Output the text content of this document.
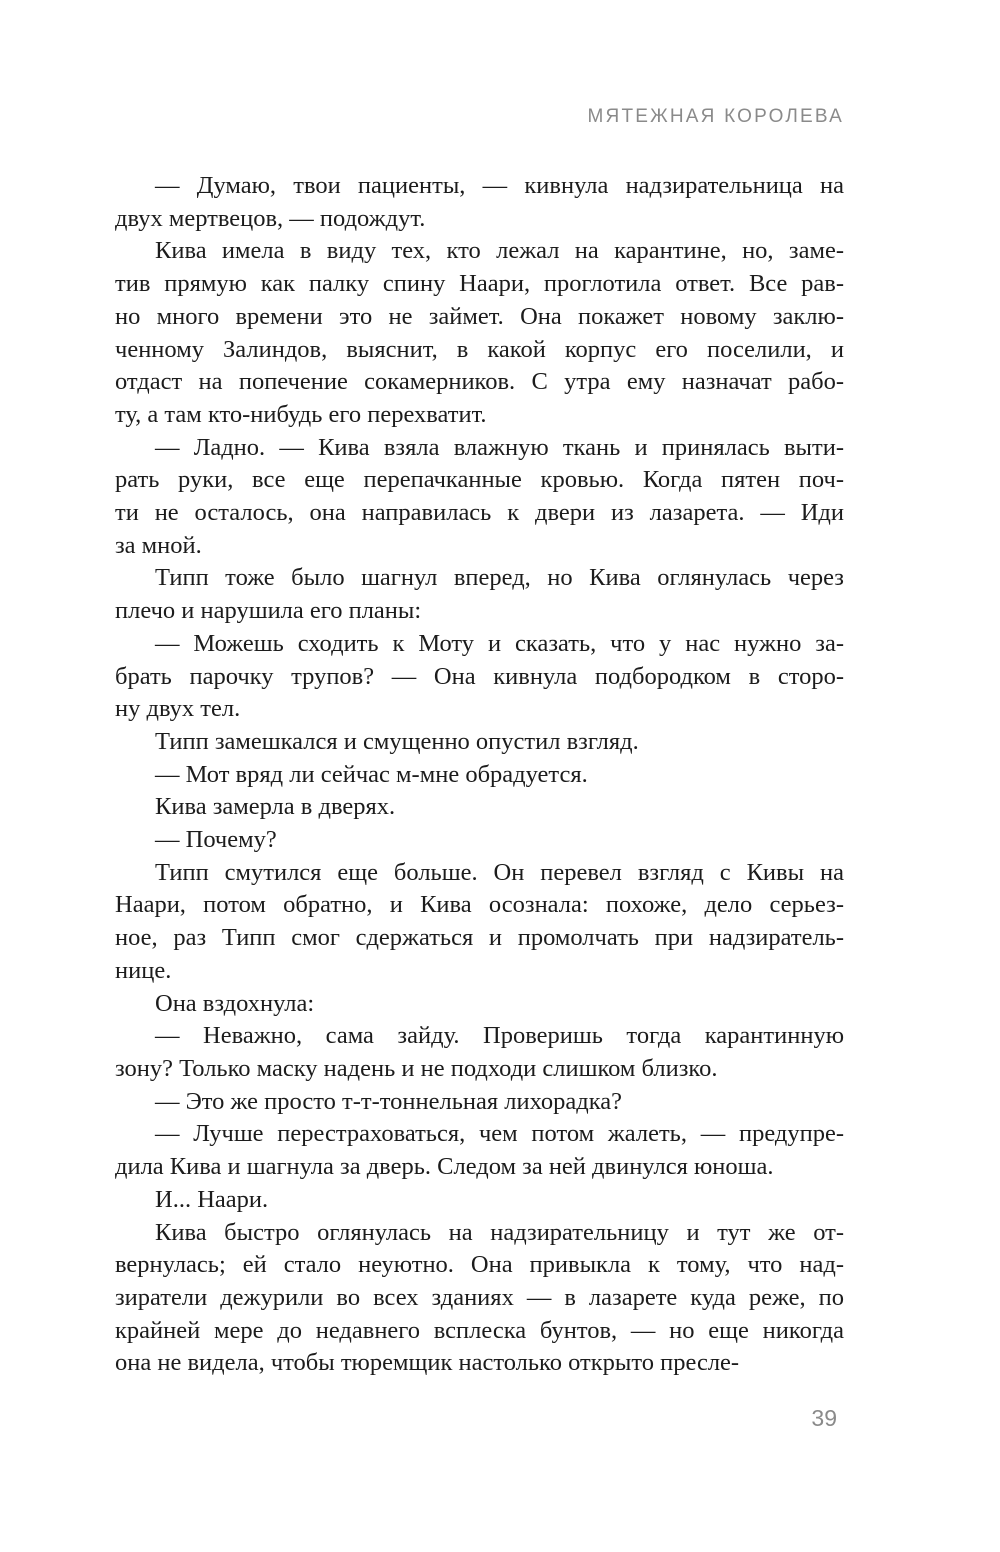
МЯТЕЖНАЯ КОРОЛЕВА
— Думаю, твои пациенты, — кивнула надзирательница на
двух мертвецов, — подождут.
Кива имела в виду тех, кто лежал на карантине, но, заме-
тив прямую как палку спину Наари, проглотила ответ. Все рав-
но много времени это не займет. Она покажет новому заклю-
ченному Залиндов, выяснит, в какой корпус его поселили, и
отдаст на попечение сокамерников. С утра ему назначат рабо-
ту, а там кто-нибудь его перехватит.
— Ладно. — Кива взяла влажную ткань и принялась выти-
рать руки, все еще перепачканные кровью. Когда пятен поч-
ти не осталось, она направилась к двери из лазарета. — Иди
за мной.
Типп тоже было шагнул вперед, но Кива оглянулась через
плечо и нарушила его планы:
— Можешь сходить к Моту и сказать, что у нас нужно за-
брать парочку трупов? — Она кивнула подбородком в сторо-
ну двух тел.
Типп замешкался и смущенно опустил взгляд.
— Мот вряд ли сейчас м-мне обрадуется.
Кива замерла в дверях.
— Почему?
Типп смутился еще больше. Он перевел взгляд с Кивы на
Наари, потом обратно, и Кива осознала: похоже, дело серьез-
ное, раз Типп смог сдержаться и промолчать при надзиратель-
нице.
Она вздохнула:
— Неважно, сама зайду. Проверишь тогда карантинную
зону? Только маску надень и не подходи слишком близко.
— Это же просто т-т-тоннельная лихорадка?
— Лучше перестраховаться, чем потом жалеть, — предупре-
дила Кива и шагнула за дверь. Следом за ней двинулся юноша.
И... Наари.
Кива быстро оглянулась на надзирательницу и тут же от-
вернулась; ей стало неуютно. Она привыкла к тому, что над-
зиратели дежурили во всех зданиях — в лазарете куда реже, по
крайней мере до недавнего всплеска бунтов, — но еще никогда
она не видела, чтобы тюремщик настолько открыто пресле-
39
